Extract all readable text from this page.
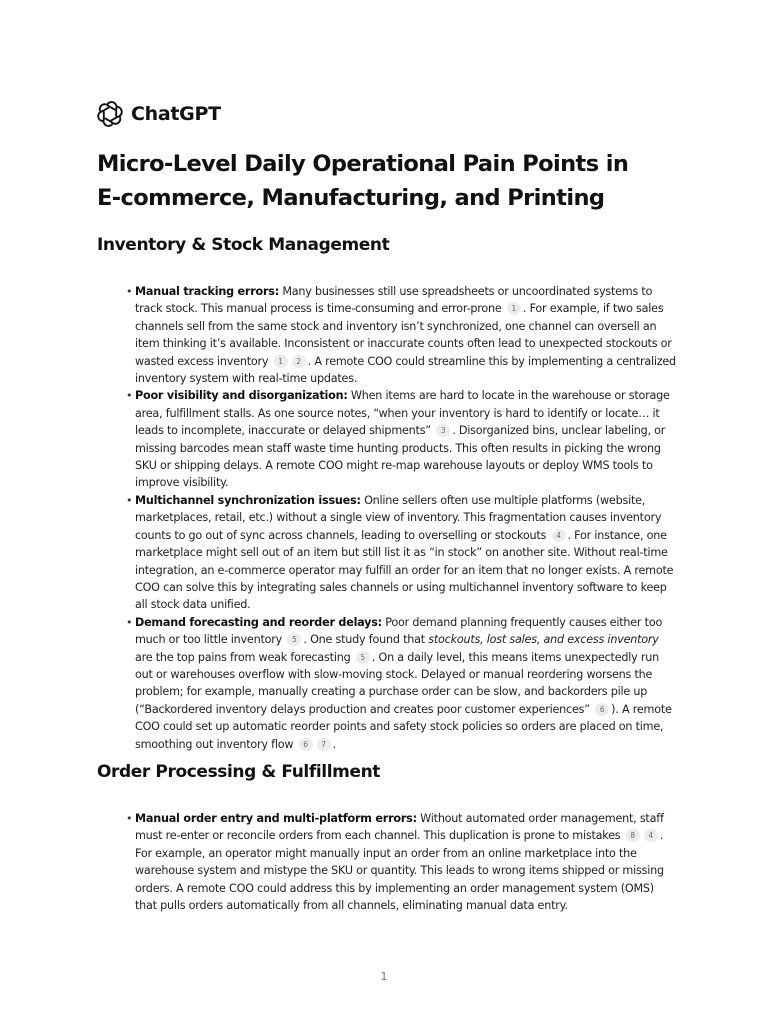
ChatGPT
Micro-Level Daily Operational Pain Points in E-commerce, Manufacturing, and Printing
Inventory & Stock Management
• Manual tracking errors: Many businesses still use spreadsheets or uncoordinated systems to track stock. This manual process is time-consuming and error-prone 1 . For example, if two sales channels sell from the same stock and inventory isn’t synchronized, one channel can oversell an item thinking it’s available. Inconsistent or inaccurate counts often lead to unexpected stockouts or wasted excess inventory 1 2 . A remote COO could streamline this by implementing a centralized inventory system with real-time updates.
• Poor visibility and disorganization: When items are hard to locate in the warehouse or storage area, fulfillment stalls. As one source notes, “when your inventory is hard to identify or locate… it leads to incomplete, inaccurate or delayed shipments” 3 . Disorganized bins, unclear labeling, or missing barcodes mean staff waste time hunting products. This often results in picking the wrong SKU or shipping delays. A remote COO might re-map warehouse layouts or deploy WMS tools to improve visibility.
• Multichannel synchronization issues: Online sellers often use multiple platforms (website, marketplaces, retail, etc.) without a single view of inventory. This fragmentation causes inventory counts to go out of sync across channels, leading to overselling or stockouts 4 . For instance, one marketplace might sell out of an item but still list it as “in stock” on another site. Without real-time integration, an e-commerce operator may fulfill an order for an item that no longer exists. A remote COO can solve this by integrating sales channels or using multichannel inventory software to keep all stock data unified.
• Demand forecasting and reorder delays: Poor demand planning frequently causes either too much or too little inventory 5 . One study found that stockouts, lost sales, and excess inventory are the top pains from weak forecasting 5 . On a daily level, this means items unexpectedly run out or warehouses overflow with slow-moving stock. Delayed or manual reordering worsens the problem; for example, manually creating a purchase order can be slow, and backorders pile up (“Backordered inventory delays production and creates poor customer experiences” 6 ). A remote COO could set up automatic reorder points and safety stock policies so orders are placed on time, smoothing out inventory flow 6 7 .
Order Processing & Fulfillment
• Manual order entry and multi-platform errors: Without automated order management, staff must re-enter or reconcile orders from each channel. This duplication is prone to mistakes 8 4 . For example, an operator might manually input an order from an online marketplace into the warehouse system and mistype the SKU or quantity. This leads to wrong items shipped or missing orders. A remote COO could address this by implementing an order management system (OMS) that pulls orders automatically from all channels, eliminating manual data entry.
1
